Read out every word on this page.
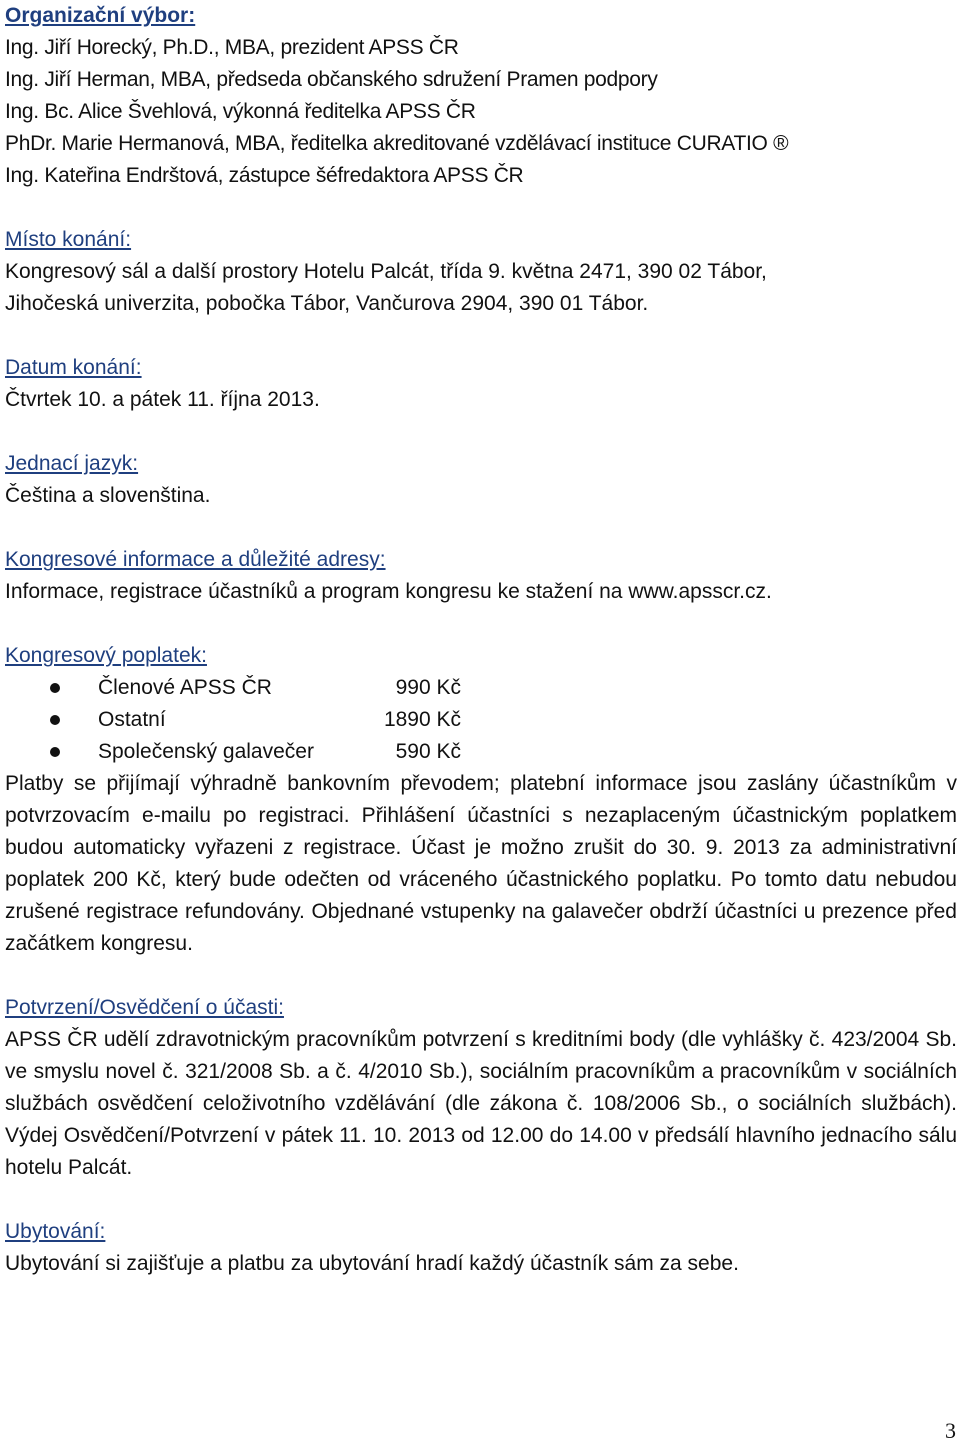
Organizační výbor:

Ing. Jiří Horecký, Ph.D., MBA, prezident APSS ČR

Ing. Jiří Herman, MBA, předseda občanského sdružení Pramen podpory

Ing. Bc. Alice Švehlová, výkonná ředitelka APSS ČR

PhDr. Marie Hermanová, MBA, ředitelka akreditované vzdělávací instituce CURATIO ®

Ing. Kateřina Endrštová, zástupce šéfredaktora APSS ČR

Místo konání:

Kongresový sál a další prostory Hotelu Palcát, třída 9. května 2471, 390 02 Tábor,

Jihočeská univerzita, pobočka Tábor, Vančurova 2904, 390 01 Tábor.

Datum konání:

Čtvrtek 10. a pátek 11. října 2013.

Jednací jazyk:

Čeština a slovenština.

Kongresové informace a důležité adresy:

Informace, registrace účastníků a program kongresu ke stažení na www.apsscr.cz.

Kongresový poplatek:

Členové APSS ČR	990 Kč
Ostatní	1890 Kč
Společenský galavečer	590 Kč

Platby se přijímají výhradně bankovním převodem; platební informace jsou zaslány účastníkům v potvrzovacím e-mailu po registraci. Přihlášení účastníci s nezaplaceným účastnickým poplatkem budou automaticky vyřazeni z registrace. Účast je možno zrušit do 30. 9. 2013 za administrativní poplatek 200 Kč, který bude odečten od vráceného účastnického poplatku. Po tomto datu nebudou zrušené registrace refundovány. Objednané vstupenky na galavečer obdrží účastníci u prezence před začátkem kongresu.

Potvrzení/Osvědčení o účasti:

APSS ČR udělí zdravotnickým pracovníkům potvrzení s kreditními body (dle vyhlášky č. 423/2004 Sb. ve smyslu novel č. 321/2008 Sb. a č. 4/2010 Sb.), sociálním pracovníkům a pracovníkům v sociálních službách osvědčení celoživotního vzdělávání (dle zákona č. 108/2006 Sb., o sociálních službách). Výdej Osvědčení/Potvrzení v pátek 11. 10. 2013 od 12.00 do 14.00 v předsálí hlavního jednacího sálu hotelu Palcát.

Ubytování:

Ubytování si zajišťuje a platbu za ubytování hradí každý účastník sám za sebe.

3
